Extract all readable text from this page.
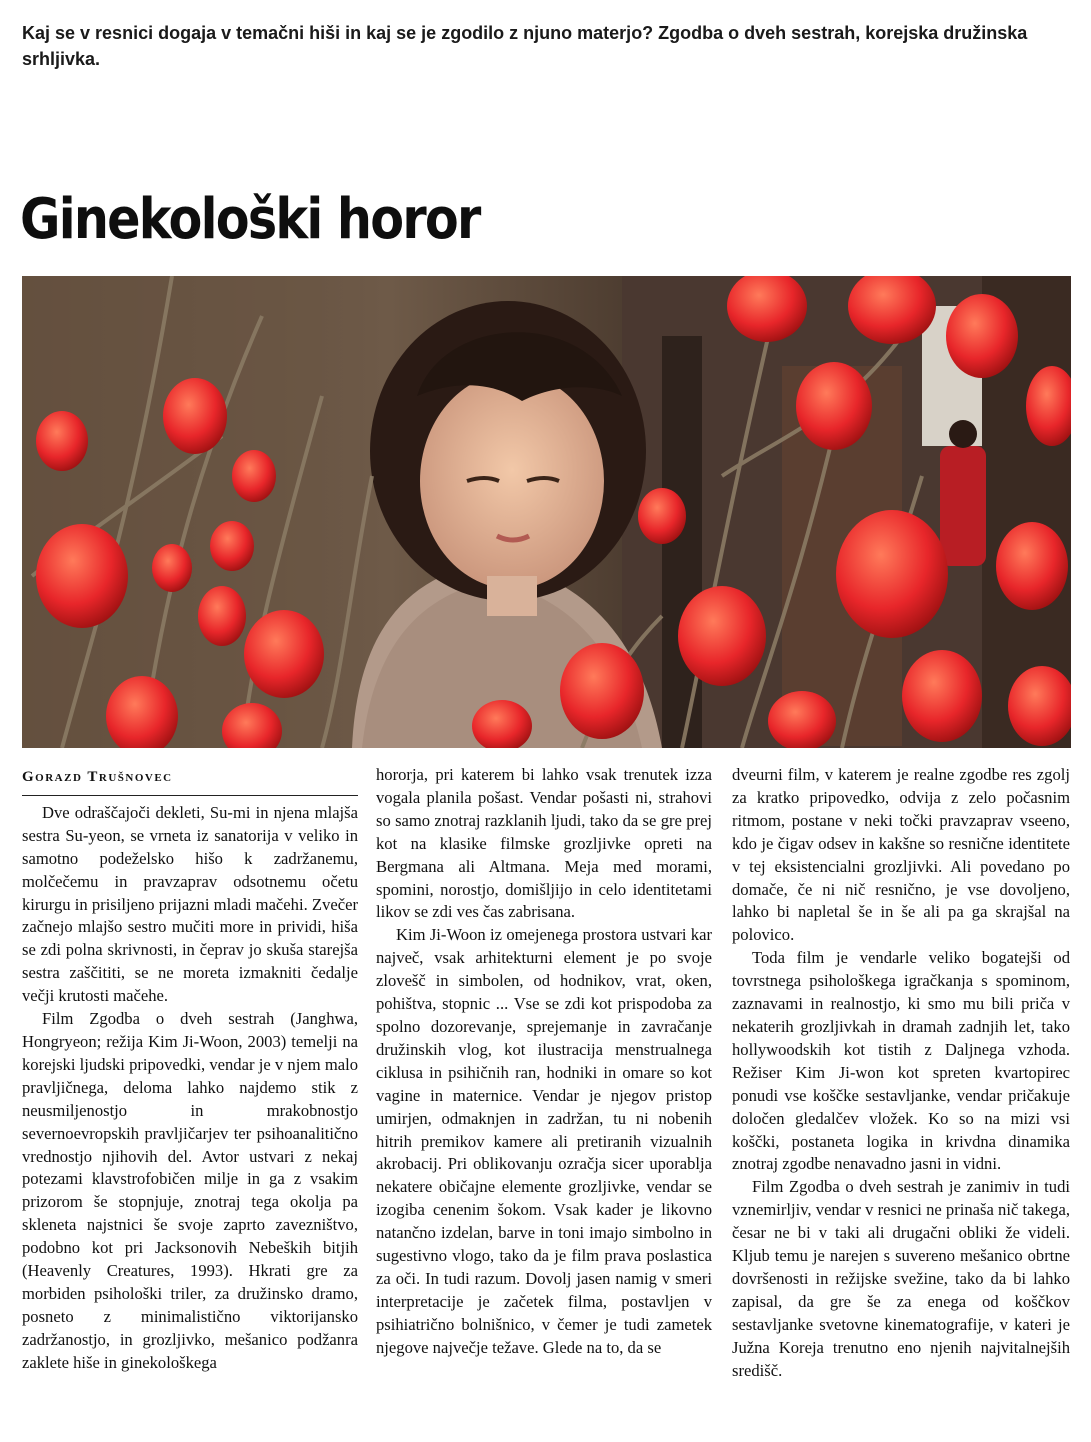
Kaj se v resnici dogaja v temačni hiši in kaj se je zgodilo z njuno materjo? Zgodba o dveh sestrah, korejska družinska srhljivka.

Ginekološki horor

Gorazd Trušnovec

Dve odraščajoči dekleti, Su-mi in njena mlajša sestra Su-yeon, se vrneta iz sanatorija v veliko in samotno podeželsko hišo k zadržanemu, molčečemu in pravzaprav odsotnemu očetu kirurgu in prisiljeno prijazni mladi mačehi. Zvečer začnejo mlajšo sestro mučiti more in prividi, hiša se zdi polna skrivnosti, in čeprav jo skuša starejša sestra zaščititi, se ne moreta izmakniti čedalje večji krutosti mačehe.

Film Zgodba o dveh sestrah (Janghwa, Hongryeon; režija Kim Ji-Woon, 2003) temelji na korejski ljudski pripovedki, vendar je v njem malo pravljičnega, deloma lahko najdemo stik z neusmiljenostjo in mrakobnostjo severnoevropskih pravljičarjev ter psihoanalitično vrednostjo njihovih del. Avtor ustvari z nekaj potezami klavstrofobičen milje in ga z vsakim prizorom še stopnjuje, znotraj tega okolja pa skleneta najstnici še svoje zaprto zavezništvo, podobno kot pri Jacksonovih Nebeških bitjih (Heavenly Creatures, 1993). Hkrati gre za morbiden psihološki triler, za družinsko dramo, posneto z minimalistično viktorijansko zadržanostjo, in grozljivko, mešanico podžanra zaklete hiše in ginekološkega

hororja, pri katerem bi lahko vsak trenutek izza vogala planila pošast. Vendar pošasti ni, strahovi so samo znotraj razklanih ljudi, tako da se gre prej kot na klasike filmske grozljivke opreti na Bergmana ali Altmana. Meja med morami, spomini, norostjo, domišljijo in celo identitetami likov se zdi ves čas zabrisana.

Kim Ji-Woon iz omejenega prostora ustvari kar največ, vsak arhitekturni element je po svoje zlovešč in simbolen, od hodnikov, vrat, oken, pohištva, stopnic ... Vse se zdi kot prispodoba za spolno dozorevanje, sprejemanje in zavračanje družinskih vlog, kot ilustracija menstrualnega ciklusa in psihičnih ran, hodniki in omare so kot vagine in maternice. Vendar je njegov pristop umirjen, odmaknjen in zadržan, tu ni nobenih hitrih premikov kamere ali pretiranih vizualnih akrobacij. Pri oblikovanju ozračja sicer uporablja nekatere običajne elemente grozljivke, vendar se izogiba cenenim šokom. Vsak kader je likovno natančno izdelan, barve in toni imajo simbolno in sugestivno vlogo, tako da je film prava poslastica za oči. In tudi razum. Dovolj jasen namig v smeri interpretacije je začetek filma, postavljen v psihiatrično bolnišnico, v čemer je tudi zametek njegove največje težave. Glede na to, da se

dveurni film, v katerem je realne zgodbe res zgolj za kratko pripovedko, odvija z zelo počasnim ritmom, postane v neki točki pravzaprav vseeno, kdo je čigav odsev in kakšne so resnične identitete v tej eksistencialni grozljivki. Ali povedano po domače, če ni nič resnično, je vse dovoljeno, lahko bi napletal še in še ali pa ga skrajšal na polovico.

Toda film je vendarle veliko bogatejši od tovrstnega psihološkega igračkanja s spominom, zaznavami in realnostjo, ki smo mu bili priča v nekaterih grozljivkah in dramah zadnjih let, tako hollywoodskih kot tistih z Daljnega vzhoda. Režiser Kim Ji-won kot spreten kvartopirec ponudi vse koščke sestavljanke, vendar pričakuje določen gledalčev vložek. Ko so na mizi vsi koščki, postaneta logika in krivdna dinamika znotraj zgodbe nenavadno jasni in vidni.

Film Zgodba o dveh sestrah je zanimiv in tudi vznemirljiv, vendar v resnici ne prinaša nič takega, česar ne bi v taki ali drugačni obliki že videli. Kljub temu je narejen s suvereno mešanico obrtne dovršenosti in režijske svežine, tako da bi lahko zapisal, da gre še za enega od koščkov sestavljanke svetovne kinematografije, v kateri je Južna Koreja trenutno eno njenih najvitalnejših središč.
